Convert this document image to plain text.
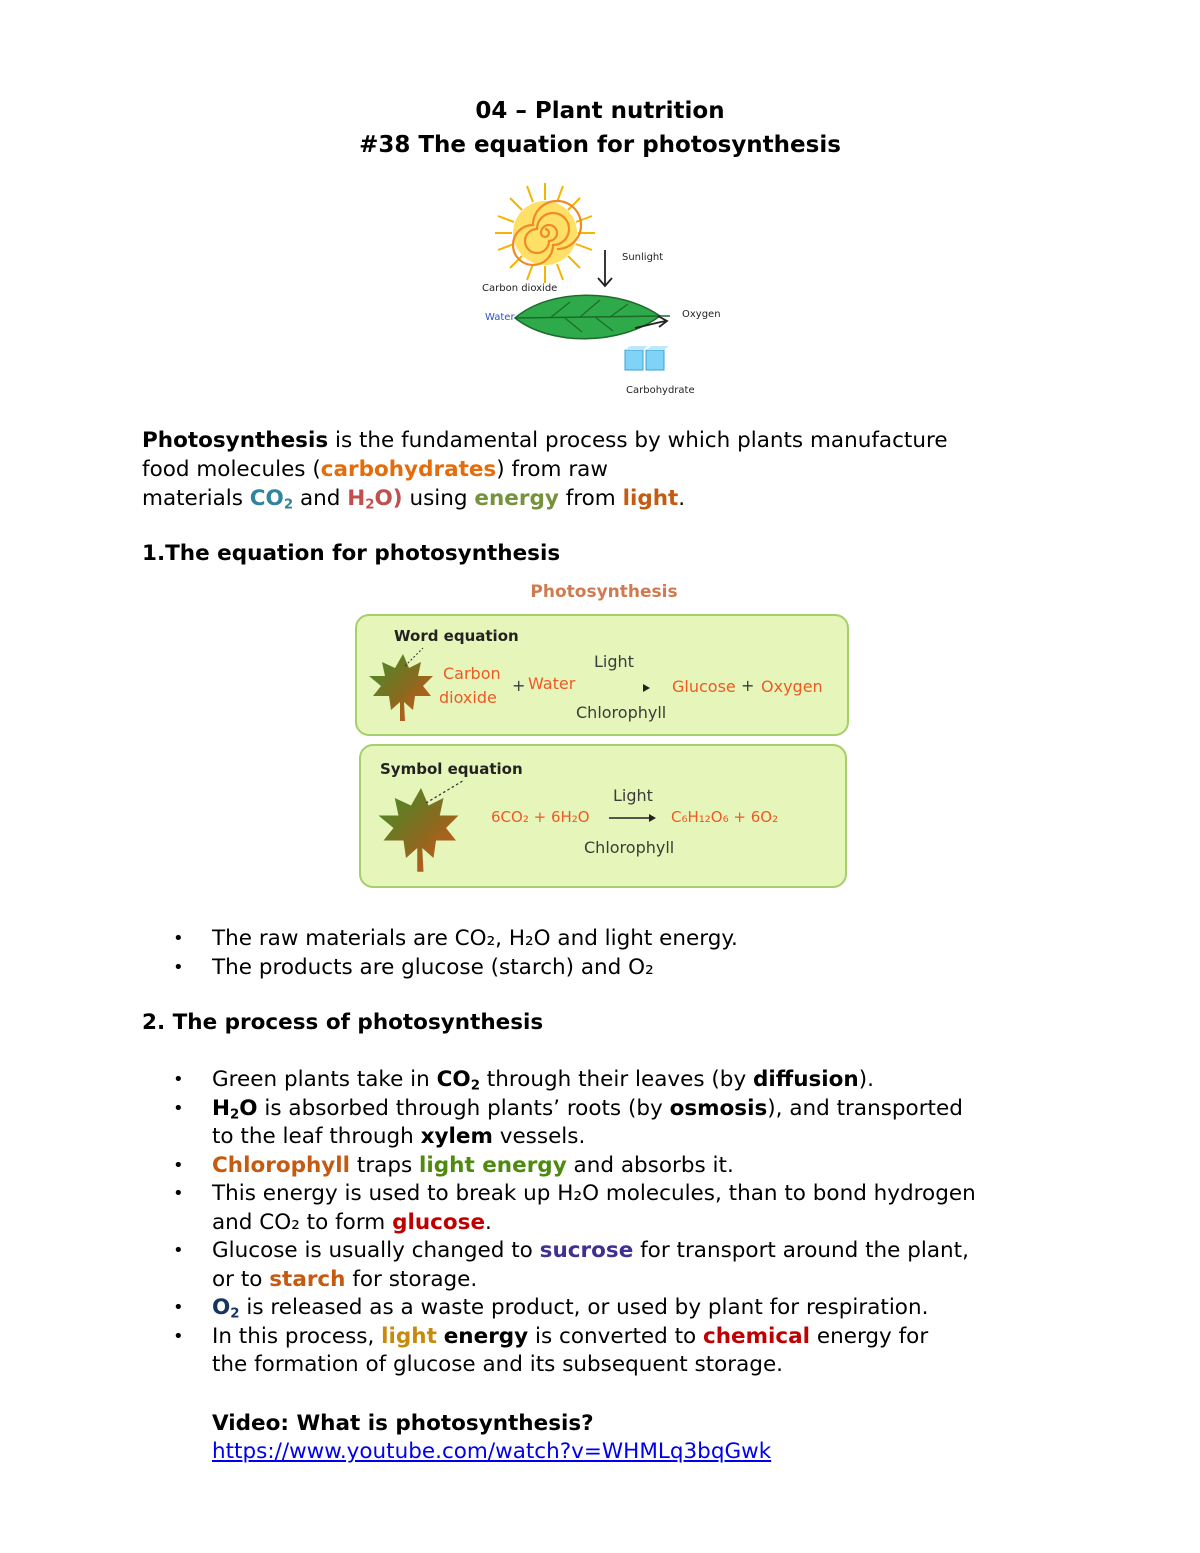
04 – Plant nutrition
#38 The equation for photosynthesis
Sunlight
Carbon dioxide
Water	Oxygen
Carbohydrate
Photosynthesis is the fundamental process by which plants manufacture
food molecules (carbohydrates) from raw
materials $CO_2$ and $H_2O$) using energy from light.
1.The equation for photosynthesis
Photosynthesis
Word equation
Carbon
dioxide
+ Water
Light
Chlorophyll
Glucose + Oxygen
Symbol equation
6CO₂ + 6H₂O
Light
C₆H₁₂O₆ + 6O₂
Chlorophyll
• The raw materials are CO₂, H₂O and light energy.
• The products are glucose (starch) and O₂
2. The process of photosynthesis
• Green plants take in $CO_2$ through their leaves (by diffusion).
• $H_2O$ is absorbed through plants’ roots (by osmosis), and transported
to the leaf through xylem vessels.
• Chlorophyll traps light energy and absorbs it.
• This energy is used to break up H₂O molecules, than to bond hydrogen
and CO₂ to form glucose.
• Glucose is usually changed to sucrose for transport around the plant,
or to starch for storage.
• $O_2$ is released as a waste product, or used by plant for respiration.
• In this process, light energy is converted to chemical energy for
the formation of glucose and its subsequent storage.
Video: What is photosynthesis?
https://www.youtube.com/watch?v=WHMLq3bqGwk
